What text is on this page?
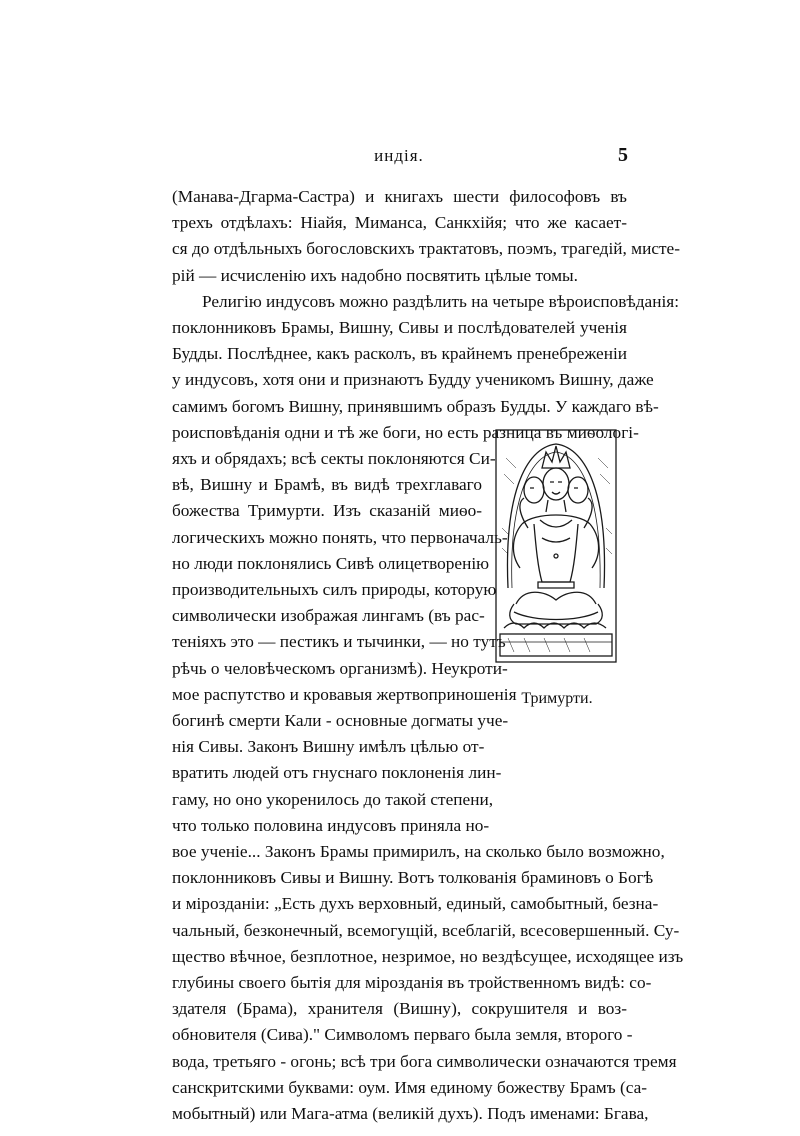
индія.	5
(Манава-Дгарма-Састра) и книгахъ шести философовъ въ
трехъ отдѣлахъ: Ніайя, Миманса, Санкхійя; что же касает-
ся до отдѣльныхъ богословскихъ трактатовъ, поэмъ, трагедій, мисте-
рій — исчисленію ихъ надобно посвятить цѣлые томы.
Религію индусовъ можно раздѣлить на четыре вѣроисповѣданія:
поклонниковъ Брамы, Вишну, Сивы и послѣдователей ученія
Будды. Послѣднее, какъ расколъ, въ крайнемъ пренебреженіи
у индусовъ, хотя они и признаютъ Будду ученикомъ Вишну, даже
самимъ богомъ Вишну, принявшимъ образъ Будды. У каждаго вѣ-
роисповѣданія одни и тѣ же боги, но есть разница въ миѳологі-
яхъ и обрядахъ; всѣ секты поклоняются Си-
вѣ, Вишну и Брамѣ, въ видѣ трехглаваго
божества Тримурти. Изъ сказаній миѳо-
логическихъ можно понять, что первоначаль-
но люди поклонялись Сивѣ олицетворенію
производительныхъ силъ природы, которую
символически изображая лингамъ (въ рас-
теніяхъ это — пестикъ и тычинки, — но тутъ
рѣчь о человѣческомъ организмѣ). Неукроти-
мое распутство и кровавыя жертвоприношенія
богинѣ смерти Кали - основные догматы уче-
нія Сивы. Законъ Вишну имѣлъ цѣлью от-
вратить людей отъ гнуснаго поклоненія лин-
гаму, но оно укоренилось до такой степени,
что только половина индусовъ приняла но-
вое ученіе... Законъ Брамы примирилъ, на сколько было возможно,
поклонниковъ Сивы и Вишну. Вотъ толкованія браминовъ о Богѣ
и мірозданіи: „Есть духъ верховный, единый, самобытный, безна-
чальный, безконечный, всемогущій, всеблагій, всесовершенный. Су-
щество вѣчное, безплотное, незримое, но вездѣсущее, исходящее изъ
глубины своего бытія для мірозданія въ тройственномъ видѣ: со-
здателя (Брама), хранителя (Вишну), сокрушителя и воз-
обновителя (Сива)." Символомъ перваго была земля, второго -
вода, третьяго - огонь; всѣ три бога символически означаются тремя
санскритскими буквами: оум. Имя единому божеству Брамъ (са-
мобытный) или Мага-атма (великій духъ). Подъ именами: Бгава,
Тримурти.
